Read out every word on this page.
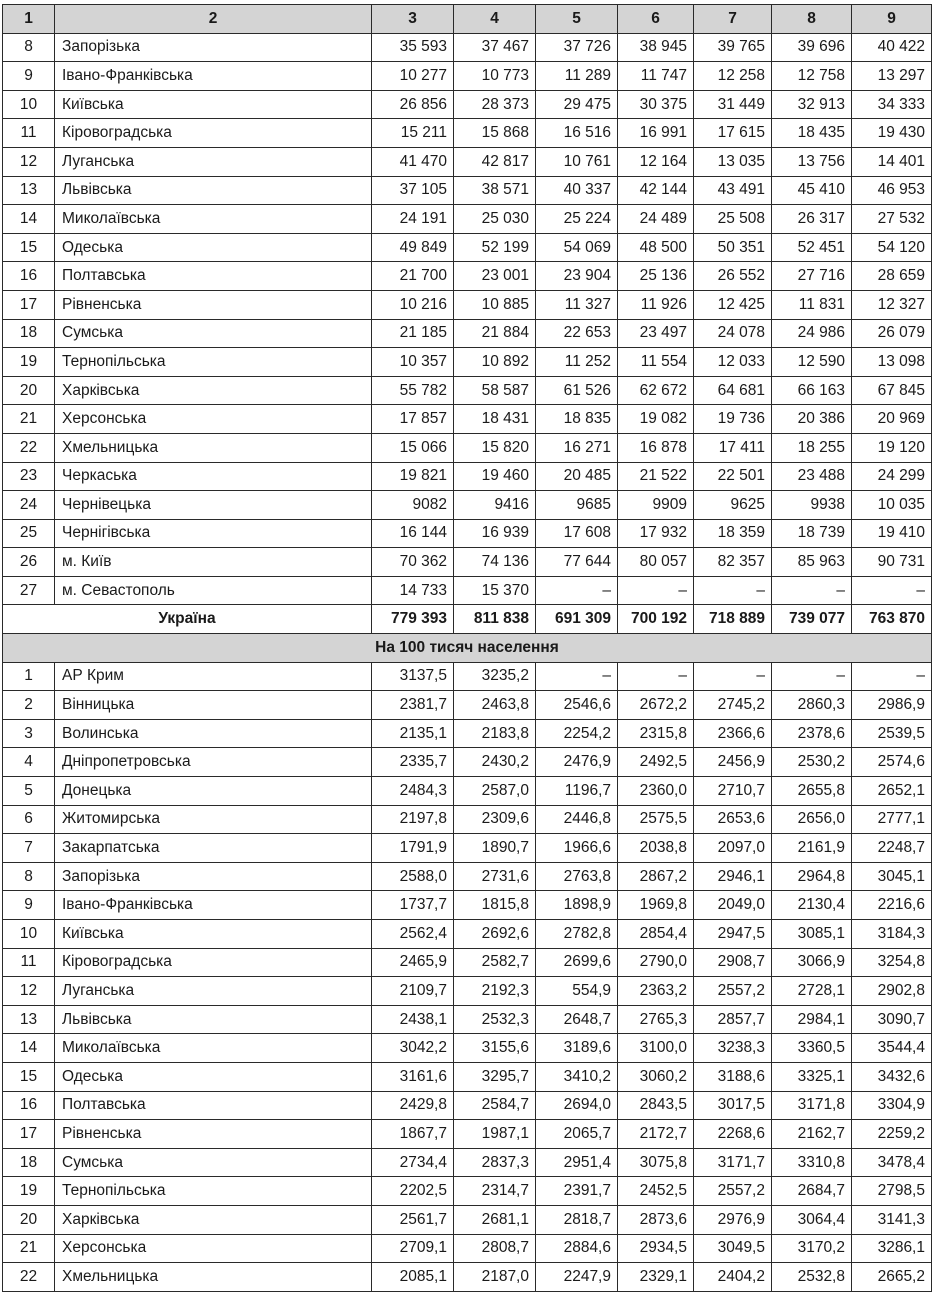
1	2	3	4	5	6	7	8	9
8	Запорізька	35 593	37 467	37 726	38 945	39 765	39 696	40 422
9	Івано-Франківська	10 277	10 773	11 289	11 747	12 258	12 758	13 297
10	Київська	26 856	28 373	29 475	30 375	31 449	32 913	34 333
11	Кіровоградська	15 211	15 868	16 516	16 991	17 615	18 435	19 430
12	Луганська	41 470	42 817	10 761	12 164	13 035	13 756	14 401
13	Львівська	37 105	38 571	40 337	42 144	43 491	45 410	46 953
14	Миколаївська	24 191	25 030	25 224	24 489	25 508	26 317	27 532
15	Одеська	49 849	52 199	54 069	48 500	50 351	52 451	54 120
16	Полтавська	21 700	23 001	23 904	25 136	26 552	27 716	28 659
17	Рівненська	10 216	10 885	11 327	11 926	12 425	11 831	12 327
18	Сумська	21 185	21 884	22 653	23 497	24 078	24 986	26 079
19	Тернопільська	10 357	10 892	11 252	11 554	12 033	12 590	13 098
20	Харківська	55 782	58 587	61 526	62 672	64 681	66 163	67 845
21	Херсонська	17 857	18 431	18 835	19 082	19 736	20 386	20 969
22	Хмельницька	15 066	15 820	16 271	16 878	17 411	18 255	19 120
23	Черкаська	19 821	19 460	20 485	21 522	22 501	23 488	24 299
24	Чернівецька	9082	9416	9685	9909	9625	9938	10 035
25	Чернігівська	16 144	16 939	17 608	17 932	18 359	18 739	19 410
26	м. Київ	70 362	74 136	77 644	80 057	82 357	85 963	90 731
27	м. Севастополь	14 733	15 370	–	–	–	–	–
Україна		779 393	811 838	691 309	700 192	718 889	739 077	763 870
На 100 тисяч населення								
1	АР Крим	3137,5	3235,2	–	–	–	–	–
2	Вінницька	2381,7	2463,8	2546,6	2672,2	2745,2	2860,3	2986,9
3	Волинська	2135,1	2183,8	2254,2	2315,8	2366,6	2378,6	2539,5
4	Дніпропетровська	2335,7	2430,2	2476,9	2492,5	2456,9	2530,2	2574,6
5	Донецька	2484,3	2587,0	1196,7	2360,0	2710,7	2655,8	2652,1
6	Житомирська	2197,8	2309,6	2446,8	2575,5	2653,6	2656,0	2777,1
7	Закарпатська	1791,9	1890,7	1966,6	2038,8	2097,0	2161,9	2248,7
8	Запорізька	2588,0	2731,6	2763,8	2867,2	2946,1	2964,8	3045,1
9	Івано-Франківська	1737,7	1815,8	1898,9	1969,8	2049,0	2130,4	2216,6
10	Київська	2562,4	2692,6	2782,8	2854,4	2947,5	3085,1	3184,3
11	Кіровоградська	2465,9	2582,7	2699,6	2790,0	2908,7	3066,9	3254,8
12	Луганська	2109,7	2192,3	554,9	2363,2	2557,2	2728,1	2902,8
13	Львівська	2438,1	2532,3	2648,7	2765,3	2857,7	2984,1	3090,7
14	Миколаївська	3042,2	3155,6	3189,6	3100,0	3238,3	3360,5	3544,4
15	Одеська	3161,6	3295,7	3410,2	3060,2	3188,6	3325,1	3432,6
16	Полтавська	2429,8	2584,7	2694,0	2843,5	3017,5	3171,8	3304,9
17	Рівненська	1867,7	1987,1	2065,7	2172,7	2268,6	2162,7	2259,2
18	Сумська	2734,4	2837,3	2951,4	3075,8	3171,7	3310,8	3478,4
19	Тернопільська	2202,5	2314,7	2391,7	2452,5	2557,2	2684,7	2798,5
20	Харківська	2561,7	2681,1	2818,7	2873,6	2976,9	3064,4	3141,3
21	Херсонська	2709,1	2808,7	2884,6	2934,5	3049,5	3170,2	3286,1
22	Хмельницька	2085,1	2187,0	2247,9	2329,1	2404,2	2532,8	2665,2
